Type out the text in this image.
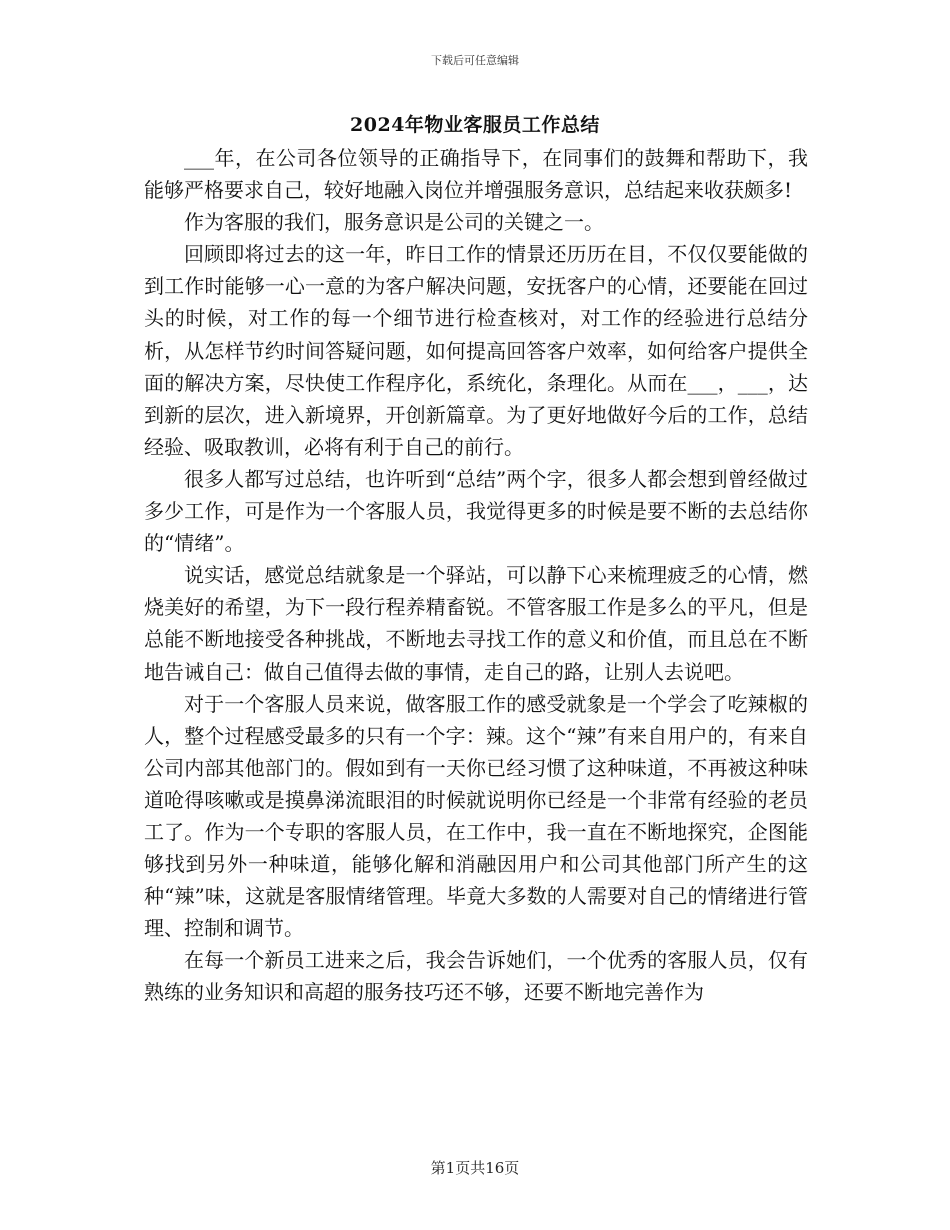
下载后可任意编辑
2024年物业客服员工作总结

___年，在公司各位领导的正确指导下，在同事们的鼓舞和帮助下，我能够严格要求自己，较好地融入岗位并增强服务意识，总结起来收获颇多!

作为客服的我们，服务意识是公司的关键之一。

回顾即将过去的这一年，昨日工作的情景还历历在目，不仅仅要能做的到工作时能够一心一意的为客户解决问题，安抚客户的心情，还要能在回过头的时候，对工作的每一个细节进行检查核对，对工作的经验进行总结分析，从怎样节约时间答疑问题，如何提高回答客户效率，如何给客户提供全面的解决方案，尽快使工作程序化，系统化，条理化。从而在___，___，达到新的层次，进入新境界，开创新篇章。为了更好地做好今后的工作，总结经验、吸取教训，必将有利于自己的前行。

很多人都写过总结，也许听到“总结”两个字，很多人都会想到曾经做过多少工作，可是作为一个客服人员，我觉得更多的时候是要不断的去总结你的“情绪”。

说实话，感觉总结就象是一个驿站，可以静下心来梳理疲乏的心情，燃烧美好的希望，为下一段行程养精畜锐。不管客服工作是多么的平凡，但是总能不断地接受各种挑战，不断地去寻找工作的意义和价值，而且总在不断地告诫自己：做自己值得去做的事情，走自己的路，让别人去说吧。

对于一个客服人员来说，做客服工作的感受就象是一个学会了吃辣椒的人，整个过程感受最多的只有一个字：辣。这个“辣”有来自用户的，有来自公司内部其他部门的。假如到有一天你已经习惯了这种味道，不再被这种味道呛得咳嗽或是摸鼻涕流眼泪的时候就说明你已经是一个非常有经验的老员工了。作为一个专职的客服人员，在工作中，我一直在不断地探究，企图能够找到另外一种味道，能够化解和消融因用户和公司其他部门所产生的这种“辣”味，这就是客服情绪管理。毕竟大多数的人需要对自己的情绪进行管理、控制和调节。

在每一个新员工进来之后，我会告诉她们，一个优秀的客服人员，仅有熟练的业务知识和高超的服务技巧还不够，还要不断地完善作为

第1页共16页
